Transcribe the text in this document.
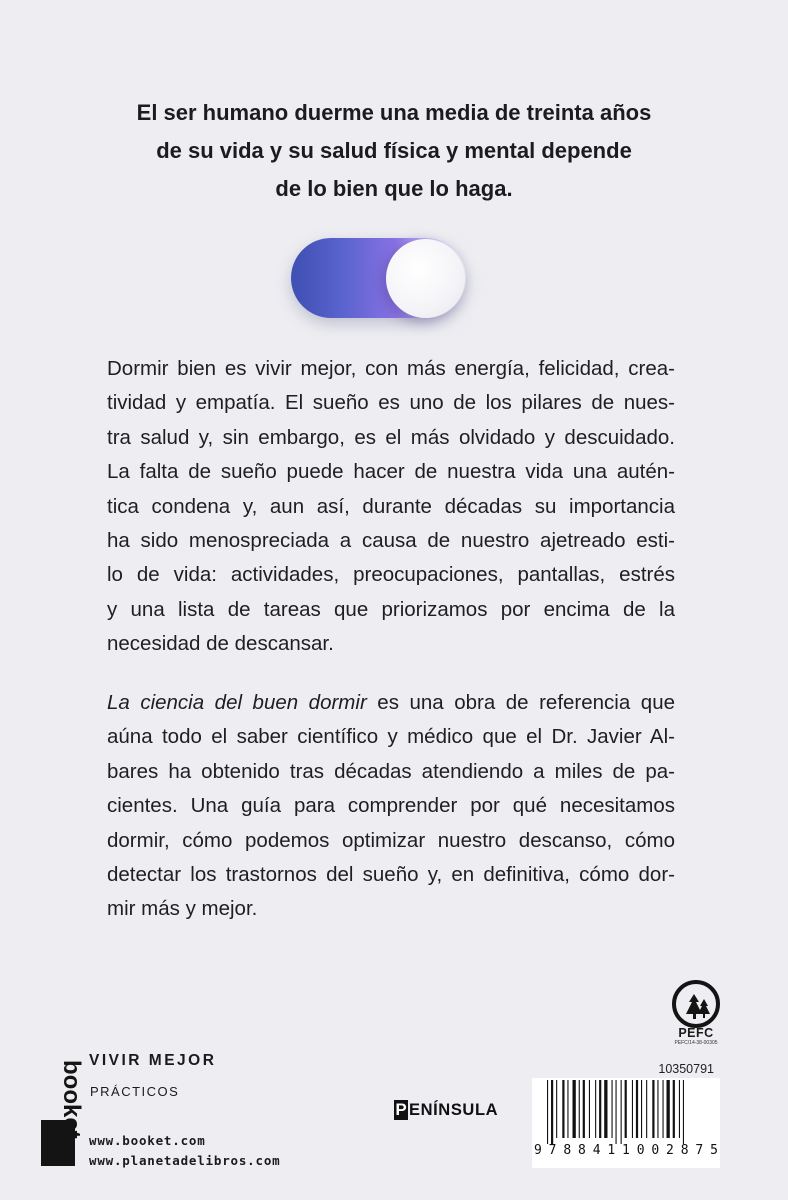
El ser humano duerme una media de treinta años
de su vida y su salud física y mental depende
de lo bien que lo haga.

Dormir bien es vivir mejor, con más energía, felicidad, crea-
tividad y empatía. El sueño es uno de los pilares de nues-
tra salud y, sin embargo, es el más olvidado y descuidado.
La falta de sueño puede hacer de nuestra vida una autén-
tica condena y, aun así, durante décadas su importancia
ha sido menospreciada a causa de nuestro ajetreado esti-
lo de vida: actividades, preocupaciones, pantallas, estrés
y una lista de tareas que priorizamos por encima de la
necesidad de descansar.

La ciencia del buen dormir es una obra de referencia que
aúna todo el saber científico y médico que el Dr. Javier Al-
bares ha obtenido tras décadas atendiendo a miles de pa-
cientes. Una guía para comprender por qué necesitamos
dormir, cómo podemos optimizar nuestro descanso, cómo
detectar los trastornos del sueño y, en definitiva, cómo dor-
mir más y mejor.

booket VIVIR MEJOR
PRÁCTICOS
www.booket.com
www.planetadelibros.com
P ENÍNSULA
PEFC
PEFC/14-38-00305
10350791
9 7 8 8 4 1 1 0 0 2 8 7 5
